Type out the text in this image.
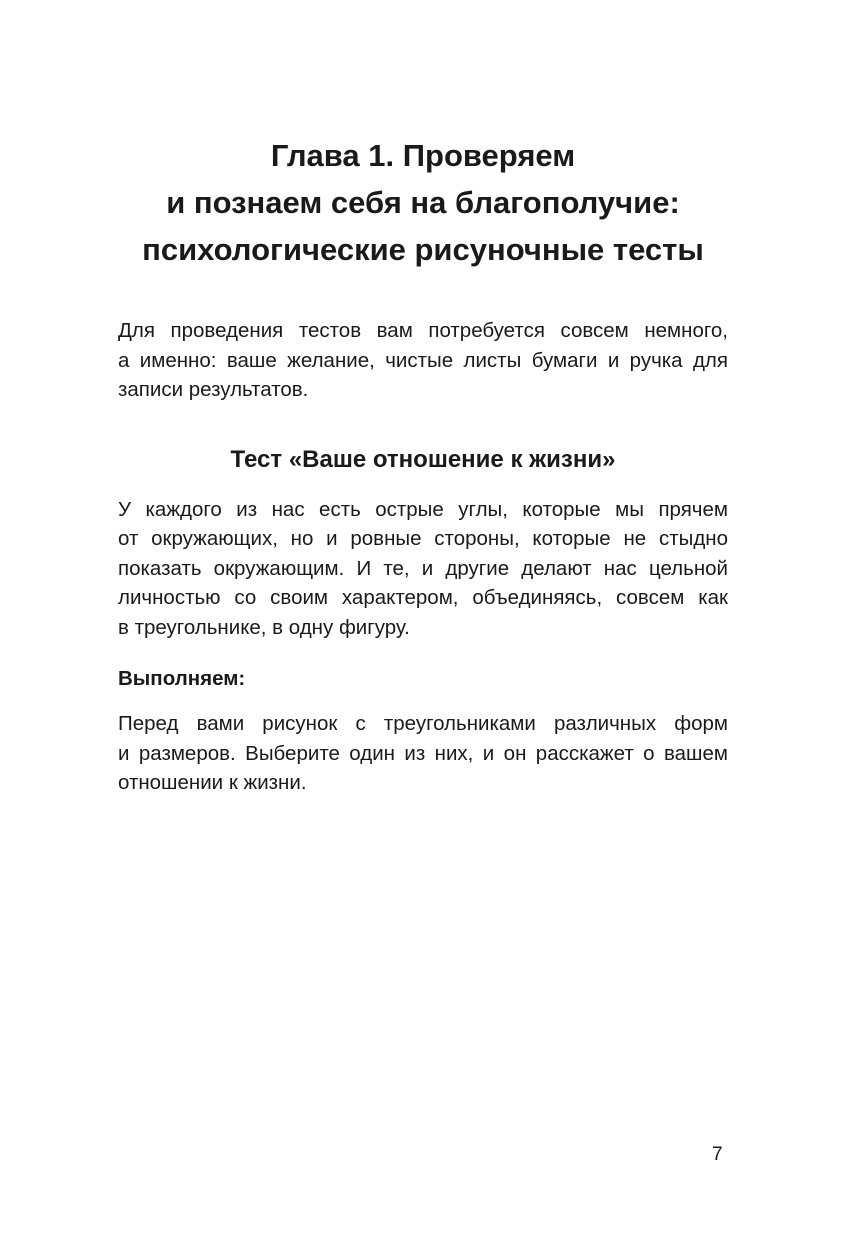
Глава 1. Проверяем
и познаем себя на благополучие:
психологические рисуночные тесты
Для проведения тестов вам потребуется совсем немного,
а именно: ваше желание, чистые листы бумаги и ручка для
записи результатов.
Тест «Ваше отношение к жизни»
У каждого из нас есть острые углы, которые мы прячем
от окружающих, но и ровные стороны, которые не стыдно
показать окружающим. И те, и другие делают нас цельной
личностью со своим характером, объединяясь, совсем как
в треугольнике, в одну фигуру.
Выполняем:
Перед вами рисунок с треугольниками различных форм
и размеров. Выберите один из них, и он расскажет о вашем
отношении к жизни.
7
